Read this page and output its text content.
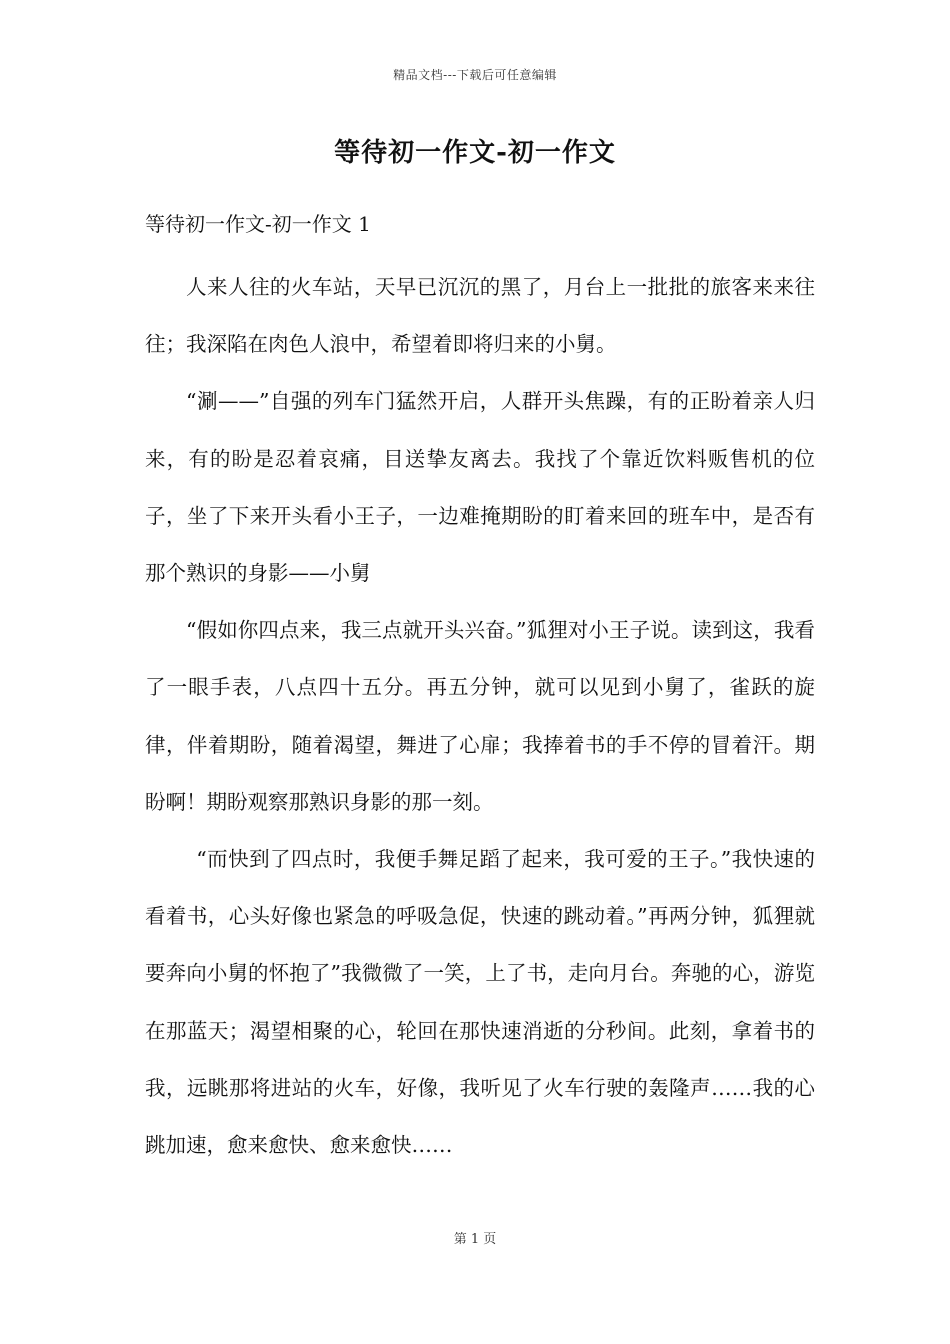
精品文档---下载后可任意编辑
等待初一作文-初一作文
等待初一作文-初一作文 1

人来人往的火车站，天早已沉沉的黑了，月台上一批批的旅客来来往往；我深陷在肉色人浪中，希望着即将归来的小舅。

“涮——”自强的列车门猛然开启，人群开头焦躁，有的正盼着亲人归来，有的盼是忍着哀痛，目送挚友离去。我找了个靠近饮料贩售机的位子，坐了下来开头看小王子，一边难掩期盼的盯着来回的班车中，是否有那个熟识的身影——小舅

“假如你四点来，我三点就开头兴奋。”狐狸对小王子说。读到这，我看了一眼手表，八点四十五分。再五分钟，就可以见到小舅了，雀跃的旋律，伴着期盼，随着渴望，舞进了心扉；我捧着书的手不停的冒着汗。期盼啊！期盼观察那熟识身影的那一刻。

“而快到了四点时，我便手舞足蹈了起来，我可爱的王子。”我快速的看着书，心头好像也紧急的呼吸急促，快速的跳动着。”再两分钟，狐狸就要奔向小舅的怀抱了”我微微了一笑，上了书，走向月台。奔驰的心，游览在那蓝天；渴望相聚的心，轮回在那快速消逝的分秒间。此刻，拿着书的我，远眺那将进站的火车，好像，我听见了火车行驶的轰隆声……我的心跳加速，愈来愈快、愈来愈快……

第 1 页
